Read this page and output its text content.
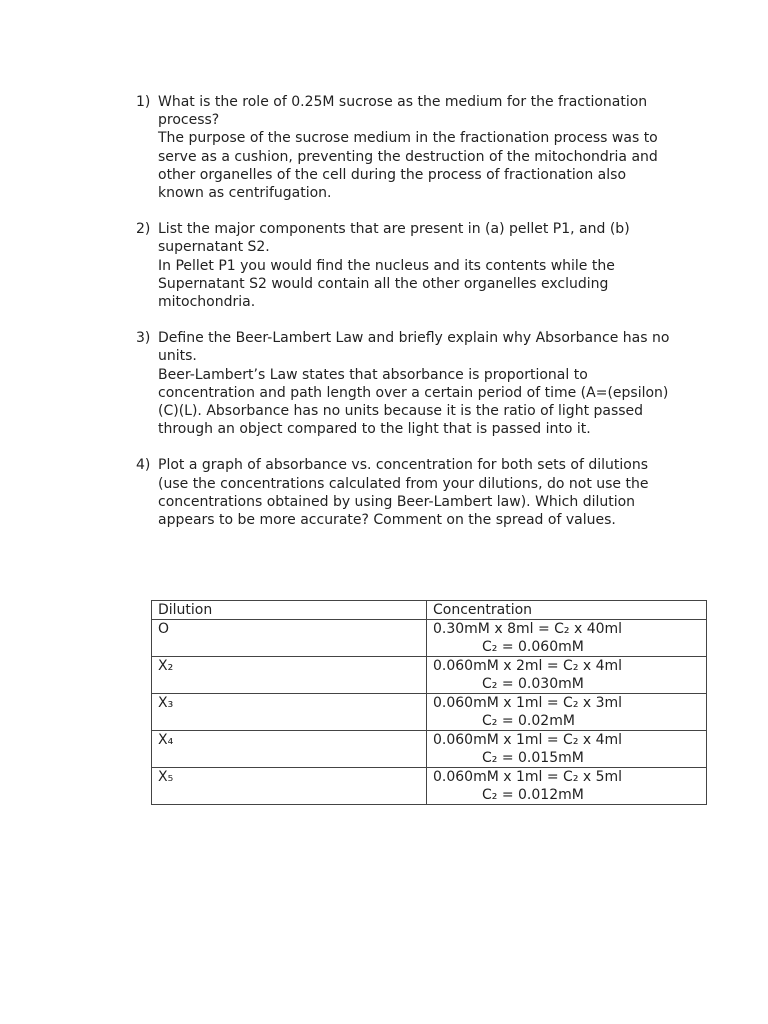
1) What is the role of 0.25M sucrose as the medium for the fractionation process?
The purpose of the sucrose medium in the fractionation process was to serve as a cushion, preventing the destruction of the mitochondria and other organelles of the cell during the process of fractionation also known as centrifugation.
2) List the major components that are present in (a) pellet P1, and (b) supernatant S2.
In Pellet P1 you would find the nucleus and its contents while the Supernatant S2 would contain all the other organelles excluding mitochondria.
3) Define the Beer-Lambert Law and briefly explain why Absorbance has no units.
Beer-Lambert’s Law states that absorbance is proportional to concentration and path length over a certain period of time (A=(epsilon)(C)(L). Absorbance has no units because it is the ratio of light passed through an object compared to the light that is passed into it.
4) Plot a graph of absorbance vs. concentration for both sets of dilutions (use the concentrations calculated from your dilutions, do not use the concentrations obtained by using Beer-Lambert law). Which dilution appears to be more accurate? Comment on the spread of values.
Dilution	Concentration
O	0.30mM x 8ml = C₂ x 40ml
C₂ = 0.060mM

X₂	0.060mM x 2ml = C₂ x 4ml
C₂ = 0.030mM

X₃	0.060mM x 1ml = C₂ x 3ml
C₂ = 0.02mM

X₄	0.060mM x 1ml = C₂ x 4ml
C₂ = 0.015mM

X₅	0.060mM x 1ml = C₂ x 5ml
C₂ = 0.012mM
